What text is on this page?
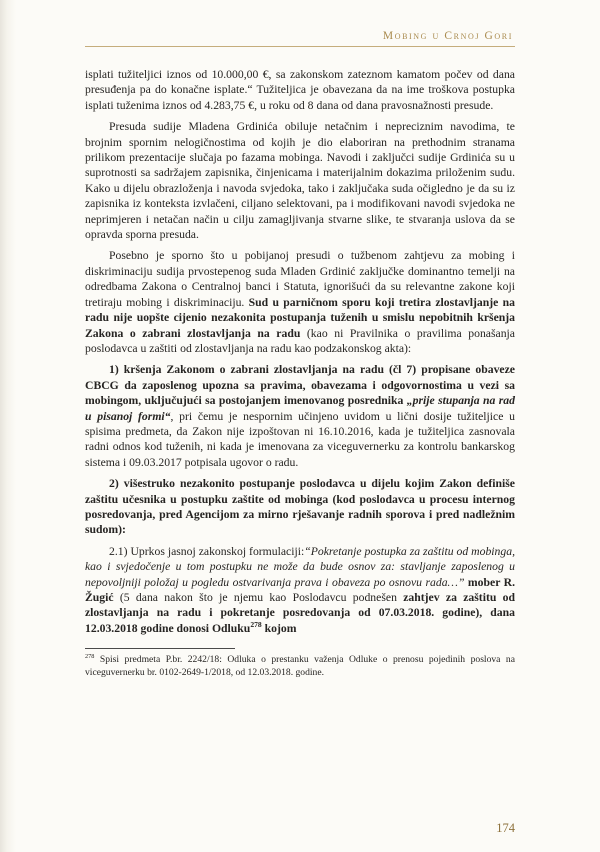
Mobing u Crnoj Gori

isplati tužiteljici iznos od 10.000,00 €, sa zakonskom zateznom kamatom počev od dana presuđenja pa do konačne isplate.“ Tužiteljica je obavezana da na ime troškova postupka isplati tuženima iznos od 4.283,75 €, u roku od 8 dana od dana pravosnažnosti presude.

Presuda sudije Mladena Grdinića obiluje netačnim i nepreciznim navodima, te brojnim spornim nelogičnostima od kojih je dio elaboriran na prethodnim stranama prilikom prezentacije slučaja po fazama mobinga. Navodi i zaključci sudije Grdinića su u suprotnosti sa sadržajem zapisnika, činjenicama i materijalnim dokazima priloženim sudu. Kako u dijelu obrazloženja i navoda svjedoka, tako i zaključaka suda očigledno je da su iz zapisnika iz konteksta izvlačeni, ciljano selektovani, pa i modifikovani navodi svjedoka ne neprimjeren i netačan način u cilju zamagljivanja stvarne slike, te stvaranja uslova da se opravda sporna presuda.

Posebno je sporno što u pobijanoj presudi o tužbenom zahtjevu za mobing i diskriminaciju sudija prvostepenog suda Mladen Grdinić zaključke dominantno temelji na odredbama Zakona o Centralnoj banci i Statuta, ignorišući da su relevantne zakone koji tretiraju mobing i diskriminaciju. Sud u parničnom sporu koji tretira zlostavljanje na radu nije uopšte cijenio nezakonita postupanja tuženih u smislu nepobitnih kršenja Zakona o zabrani zlostavljanja na radu (kao ni Pravilnika o pravilima ponašanja poslodavca u zaštiti od zlostavljanja na radu kao podzakonskog akta):

1) kršenja Zakonom o zabrani zlostavljanja na radu (čl 7) propisane obaveze CBCG da zaposlenog upozna sa pravima, obavezama i odgovornostima u vezi sa mobingom, uključujući sa postojanjem imenovanog posrednika „prije stupanja na rad u pisanoj formi“, pri čemu je nespornim učinjeno uvidom u lični dosije tužiteljice u spisima predmeta, da Zakon nije izpoštovan ni 16.10.2016, kada je tužiteljica zasnovala radni odnos kod tuženih, ni kada je imenovana za viceguvernerku za kontrolu bankarskog sistema i 09.03.2017 potpisala ugovor o radu.

2) višestruko nezakonito postupanje poslodavca u dijelu kojim Zakon definiše zaštitu učesnika u postupku zaštite od mobinga (kod poslodavca u procesu internog posredovanja, pred Agencijom za mirno rješavanje radnih sporova i pred nadležnim sudom):

2.1) Uprkos jasnoj zakonskoj formulaciji:“Pokretanje postupka za zaštitu od mobinga, kao i svjedočenje u tom postupku ne može da bude osnov za: stavljanje zaposlenog u nepovoljniji položaj u pogledu ostvarivanja prava i obaveza po osnovu rada…” mober R. Žugić (5 dana nakon što je njemu kao Poslodavcu podnešen zahtjev za zaštitu od zlostavljanja na radu i pokretanje posredovanja od 07.03.2018. godine), dana 12.03.2018 godine donosi Odluku$^{278}$ kojom

$^{278}$ Spisi predmeta P.br. 2242/18: Odluka o prestanku važenja Odluke o prenosu pojedinih poslova na viceguvernerku br. 0102-2649-1/2018, od 12.03.2018. godine.
174
